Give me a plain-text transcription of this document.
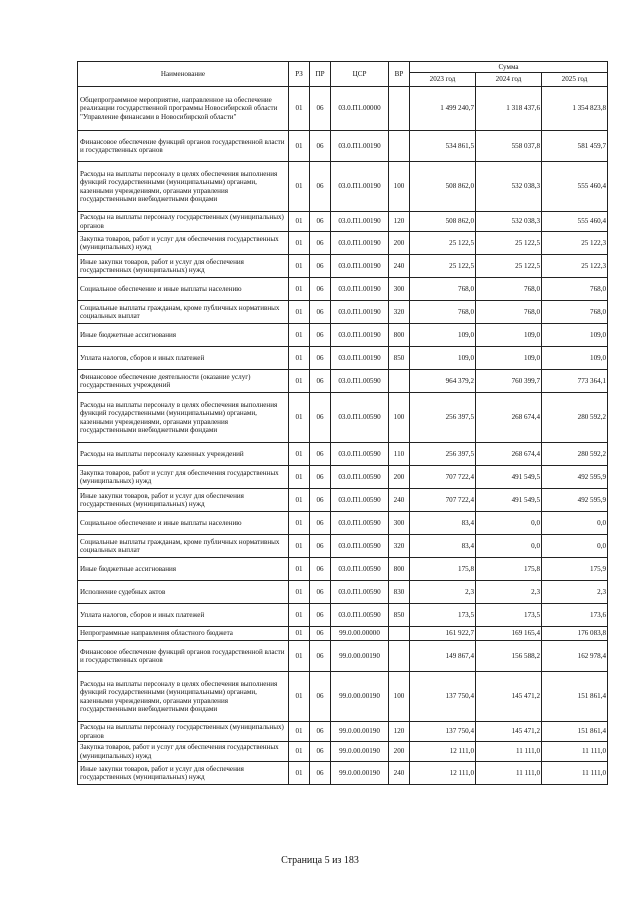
Наименование	РЗ	ПР	ЦСР	ВР	Сумма		
					2023 год	2024 год	2025 год
Общепрограммное мероприятие, направленное на обеспечение реализации государственной программы Новосибирской области "Управление финансами в Новосибирской области"	01	06	03.0.П1.00000		1 499 240,7	1 318 437,6	1 354 823,8
Финансовое обеспечение функций органов государственной власти и государственных органов	01	06	03.0.П1.00190		534 861,5	558 037,8	581 459,7
Расходы на выплаты персоналу в целях обеспечения выполнения функций государственными (муниципальными) органами, казенными учреждениями, органами управления государственными внебюджетными фондами	01	06	03.0.П1.00190	100	508 862,0	532 038,3	555 460,4
Расходы на выплаты персоналу государственных (муниципальных) органов	01	06	03.0.П1.00190	120	508 862,0	532 038,3	555 460,4
Закупка товаров, работ и услуг для обеспечения государственных (муниципальных) нужд	01	06	03.0.П1.00190	200	25 122,5	25 122,5	25 122,3
Иные закупки товаров, работ и услуг для обеспечения государственных (муниципальных) нужд	01	06	03.0.П1.00190	240	25 122,5	25 122,5	25 122,3
Социальное обеспечение и иные выплаты населению	01	06	03.0.П1.00190	300	768,0	768,0	768,0
Социальные выплаты гражданам, кроме публичных нормативных социальных выплат	01	06	03.0.П1.00190	320	768,0	768,0	768,0
Иные бюджетные ассигнования	01	06	03.0.П1.00190	800	109,0	109,0	109,0
Уплата налогов, сборов и иных платежей	01	06	03.0.П1.00190	850	109,0	109,0	109,0
Финансовое обеспечение деятельности (оказание услуг) государственных учреждений	01	06	03.0.П1.00590		964 379,2	760 399,7	773 364,1
Расходы на выплаты персоналу в целях обеспечения выполнения функций государственными (муниципальными) органами, казенными учреждениями, органами управления государственными внебюджетными фондами	01	06	03.0.П1.00590	100	256 397,5	268 674,4	280 592,2
Расходы на выплаты персоналу казенных учреждений	01	06	03.0.П1.00590	110	256 397,5	268 674,4	280 592,2
Закупка товаров, работ и услуг для обеспечения государственных (муниципальных) нужд	01	06	03.0.П1.00590	200	707 722,4	491 549,5	492 595,9
Иные закупки товаров, работ и услуг для обеспечения государственных (муниципальных) нужд	01	06	03.0.П1.00590	240	707 722,4	491 549,5	492 595,9
Социальное обеспечение и иные выплаты населению	01	06	03.0.П1.00590	300	83,4	0,0	0,0
Социальные выплаты гражданам, кроме публичных нормативных социальных выплат	01	06	03.0.П1.00590	320	83,4	0,0	0,0
Иные бюджетные ассигнования	01	06	03.0.П1.00590	800	175,8	175,8	175,9
Исполнение судебных актов	01	06	03.0.П1.00590	830	2,3	2,3	2,3
Уплата налогов, сборов и иных платежей	01	06	03.0.П1.00590	850	173,5	173,5	173,6
Непрограммные направления областного бюджета	01	06	99.0.00.00000		161 922,7	169 165,4	176 083,8
Финансовое обеспечение функций органов государственной власти и государственных органов	01	06	99.0.00.00190		149 867,4	156 588,2	162 978,4
Расходы на выплаты персоналу в целях обеспечения выполнения функций государственными (муниципальными) органами, казенными учреждениями, органами управления государственными внебюджетными фондами	01	06	99.0.00.00190	100	137 750,4	145 471,2	151 861,4
Расходы на выплаты персоналу государственных (муниципальных) органов	01	06	99.0.00.00190	120	137 750,4	145 471,2	151 861,4
Закупка товаров, работ и услуг для обеспечения государственных (муниципальных) нужд	01	06	99.0.00.00190	200	12 111,0	11 111,0	11 111,0
Иные закупки товаров, работ и услуг для обеспечения государственных (муниципальных) нужд	01	06	99.0.00.00190	240	12 111,0	11 111,0	11 111,0
Страница 5 из 183
